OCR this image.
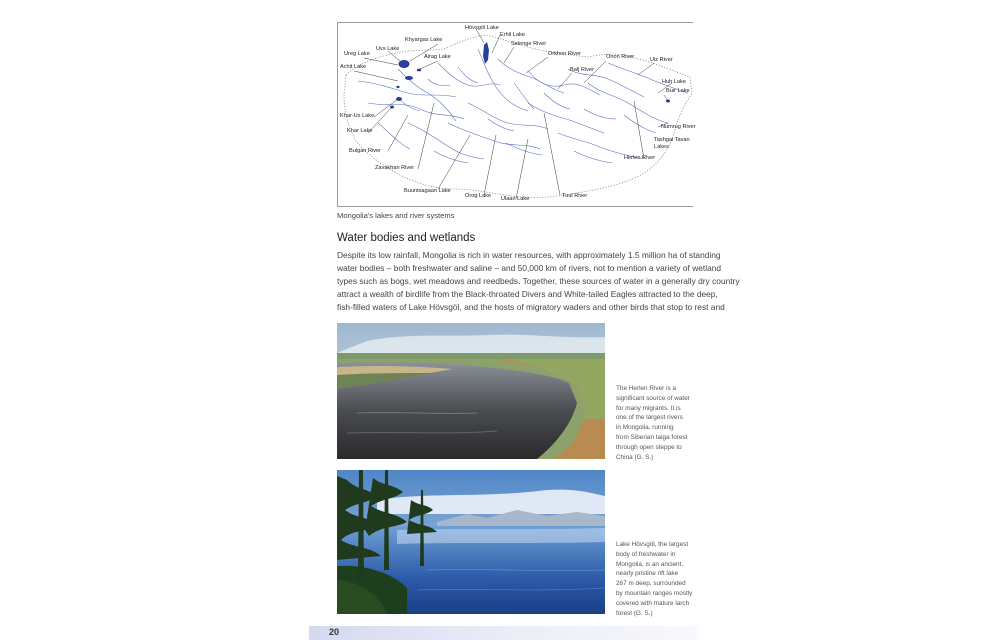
Hövsgöl Lake
Erhil Lake
Selenge River
Khyargas Lake
Uvs Lake
Ureg Lake	Airag Lake
Achit Lake
Orkhon River	Onon River	Ulz River
Balj River
Huh Lake
Buir Lake
Khar-Us Lake
Khar Lake
Bulgan River
Zavakhan River
Numrug River
Tashgai Tavan
Lakes
Herlen River
Buuntsagaan Lake
Orog Lake Ulaan Lake	Tuul River
Mongolia's lakes and river systems
Water bodies and wetlands
Despite its low rainfall, Mongolia is rich in water resources, with approximately 1.5 million ha of standing
water bodies – both freshwater and saline – and 50,000 km of rivers, not to mention a variety of wetland
types such as bogs, wet meadows and reedbeds. Together, these sources of water in a generally dry country
attract a wealth of birdlife from the Black-throated Divers and White-tailed Eagles attracted to the deep,
fish-filled waters of Lake Hövsgöl, and the hosts of migratory waders and other birds that stop to rest and
The Herlen River is a
significant source of water
for many migrants. It is
one of the largest rivers
in Mongolia, running
from Siberian taiga forest
through open steppe to
China (G. S.)
Lake Hövsgöl, the largest
body of freshwater in
Mongolia, is an ancient,
nearly pristine rift lake
267 m deep, surrounded
by mountain ranges mostly
covered with mature larch
forest (G. S.)
20
